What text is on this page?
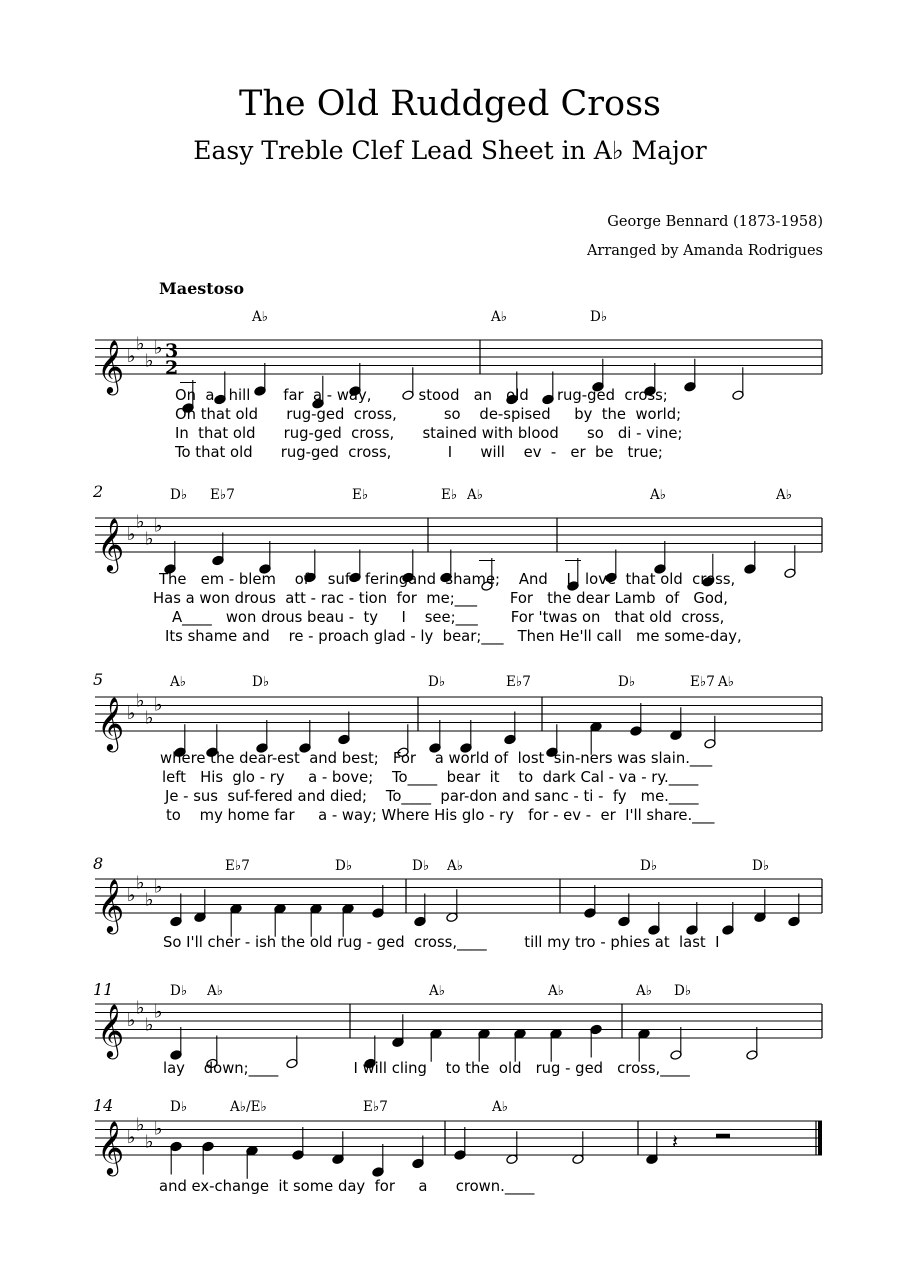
The Old Ruddged Cross
Easy Treble Clef Lead Sheet in A♭ Major
George Bennard (1873-1958)
Arranged by Amanda Rodrigues
Maestoso
𝄞 ♭
♭
♭
♭ 3
2
𝄞 ♭
♭
♭
♭
𝄞 ♭
♭
♭
♭
𝄞 ♭
♭
♭
♭
𝄞 ♭
♭
♭
♭
𝄞 ♭
♭
♭
♭
𝄽
A♭	A♭	D♭
On  a   hill       far  a - way,          stood   an   old      rug-ged  cross;
Oh that old      rug-ged  cross,          so    de-spised     by  the  world;
In  that old      rug-ged  cross,      stained with blood      so   di - vine;
To that old      rug-ged  cross,            I      will    ev  -   er  be   true;
2	D♭ E♭7	E♭	E♭ A♭	A♭	A♭
The   em - blem    of    suf - feringand  shame;    And    I   love  that old  cross,
Has a won drous  att - rac - tion  for  me;___       For   the dear Lamb  of   God,
A____   won drous beau -  ty     I    see;___       For 'twas on   that old  cross,
Its shame and    re - proach glad - ly  bear;___   Then He'll call   me some-day,
5	A♭	D♭	D♭	E♭7	D♭	E♭7 A♭
where the dear-est  and best;   For    a world of  lost  sin-ners was slain.___
left   His  glo - ry     a - bove;    To____  bear  it    to  dark Cal - va - ry.____
Je - sus  suf-fered and died;    To____  par-don and sanc - ti -  fy   me.____
to    my home far     a - way; Where His glo - ry   for - ev -  er  I'll share.___
8	E♭7	D♭	D♭ A♭	D♭	D♭
So I'll cher - ish the old rug - ged  cross,____        till my tro - phies at  last  I
11	D♭ A♭	A♭	A♭	A♭ D♭
lay    down;____                I will cling    to the  old   rug - ged   cross,____
14	D♭	A♭/E♭	E♭7	A♭
and ex-change  it some day  for     a      crown.____
